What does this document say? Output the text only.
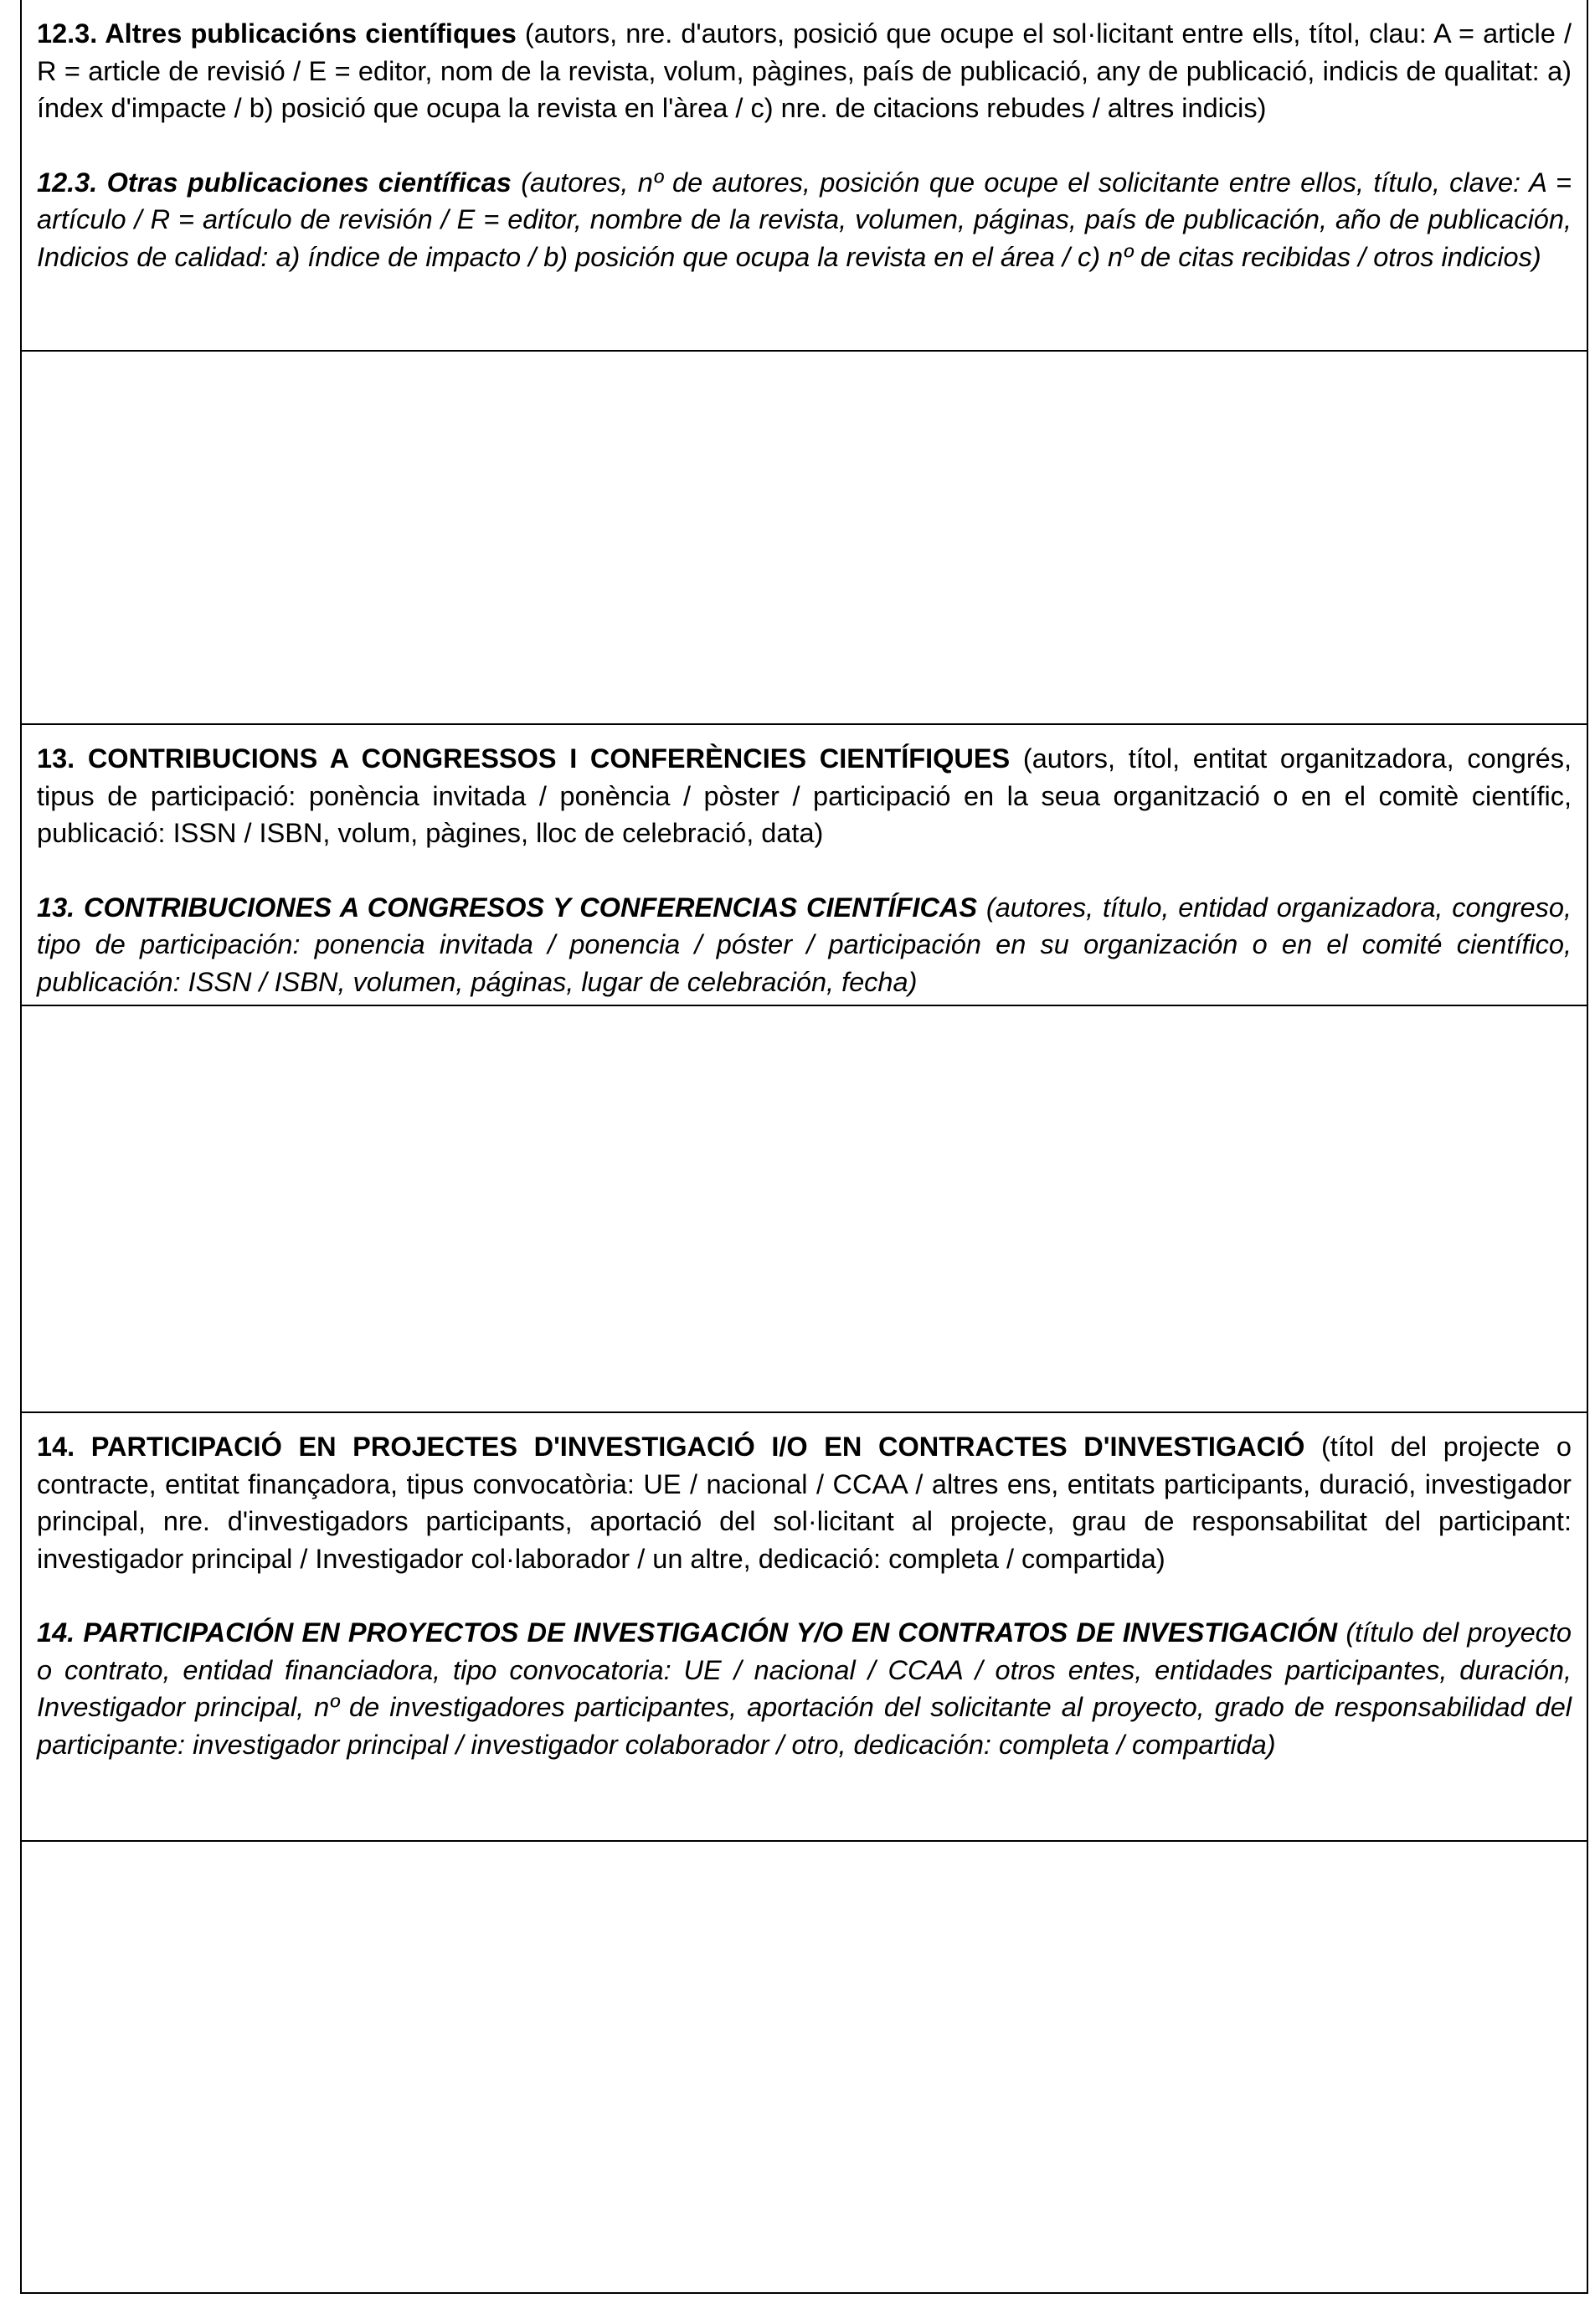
12.3. Altres publicacións científiques (autors, nre. d'autors, posició que ocupe el sol·licitant entre ells, títol, clau: A = article / R = article de revisió / E = editor, nom de la revista, volum, pàgines, país de publicació, any de publicació, indicis de qualitat: a) índex d'impacte / b) posició que ocupa la revista en l'àrea / c) nre. de citacions rebudes / altres indicis)

12.3. Otras publicaciones científicas (autores, nº de autores, posición que ocupe el solicitante entre ellos, título, clave: A = artículo / R = artículo de revisión / E = editor, nombre de la revista, volumen, páginas, país de publicación, año de publicación, Indicios de calidad: a) índice de impacto / b) posición que ocupa la revista en el área / c) nº de citas recibidas / otros indicios)

13. CONTRIBUCIONS A CONGRESSOS I CONFERÈNCIES CIENTÍFIQUES (autors, títol, entitat organitzadora, congrés, tipus de participació: ponència invitada / ponència / pòster / participació en la seua organització o en el comitè científic, publicació: ISSN / ISBN, volum, pàgines, lloc de celebració, data)

13. CONTRIBUCIONES A CONGRESOS Y CONFERENCIAS CIENTÍFICAS (autores, título, entidad organizadora, congreso, tipo de participación: ponencia invitada / ponencia / póster / participación en su organización o en el comité científico, publicación: ISSN / ISBN, volumen, páginas, lugar de celebración, fecha)

14. PARTICIPACIÓ EN PROJECTES D'INVESTIGACIÓ I/O EN CONTRACTES D'INVESTIGACIÓ (títol del projecte o contracte, entitat finançadora, tipus convocatòria: UE / nacional / CCAA / altres ens, entitats participants, duració, investigador principal, nre. d'investigadors participants, aportació del sol·licitant al projecte, grau de responsabilitat del participant: investigador principal / Investigador col·laborador / un altre, dedicació: completa / compartida)

14. PARTICIPACIÓN EN PROYECTOS DE INVESTIGACIÓN Y/O EN CONTRATOS DE INVESTIGACIÓN (título del proyecto o contrato, entidad financiadora, tipo convocatoria: UE / nacional / CCAA / otros entes, entidades participantes, duración, Investigador principal, nº de investigadores participantes, aportación del solicitante al proyecto, grado de responsabilidad del participante: investigador principal / investigador colaborador / otro, dedicación: completa / compartida)
